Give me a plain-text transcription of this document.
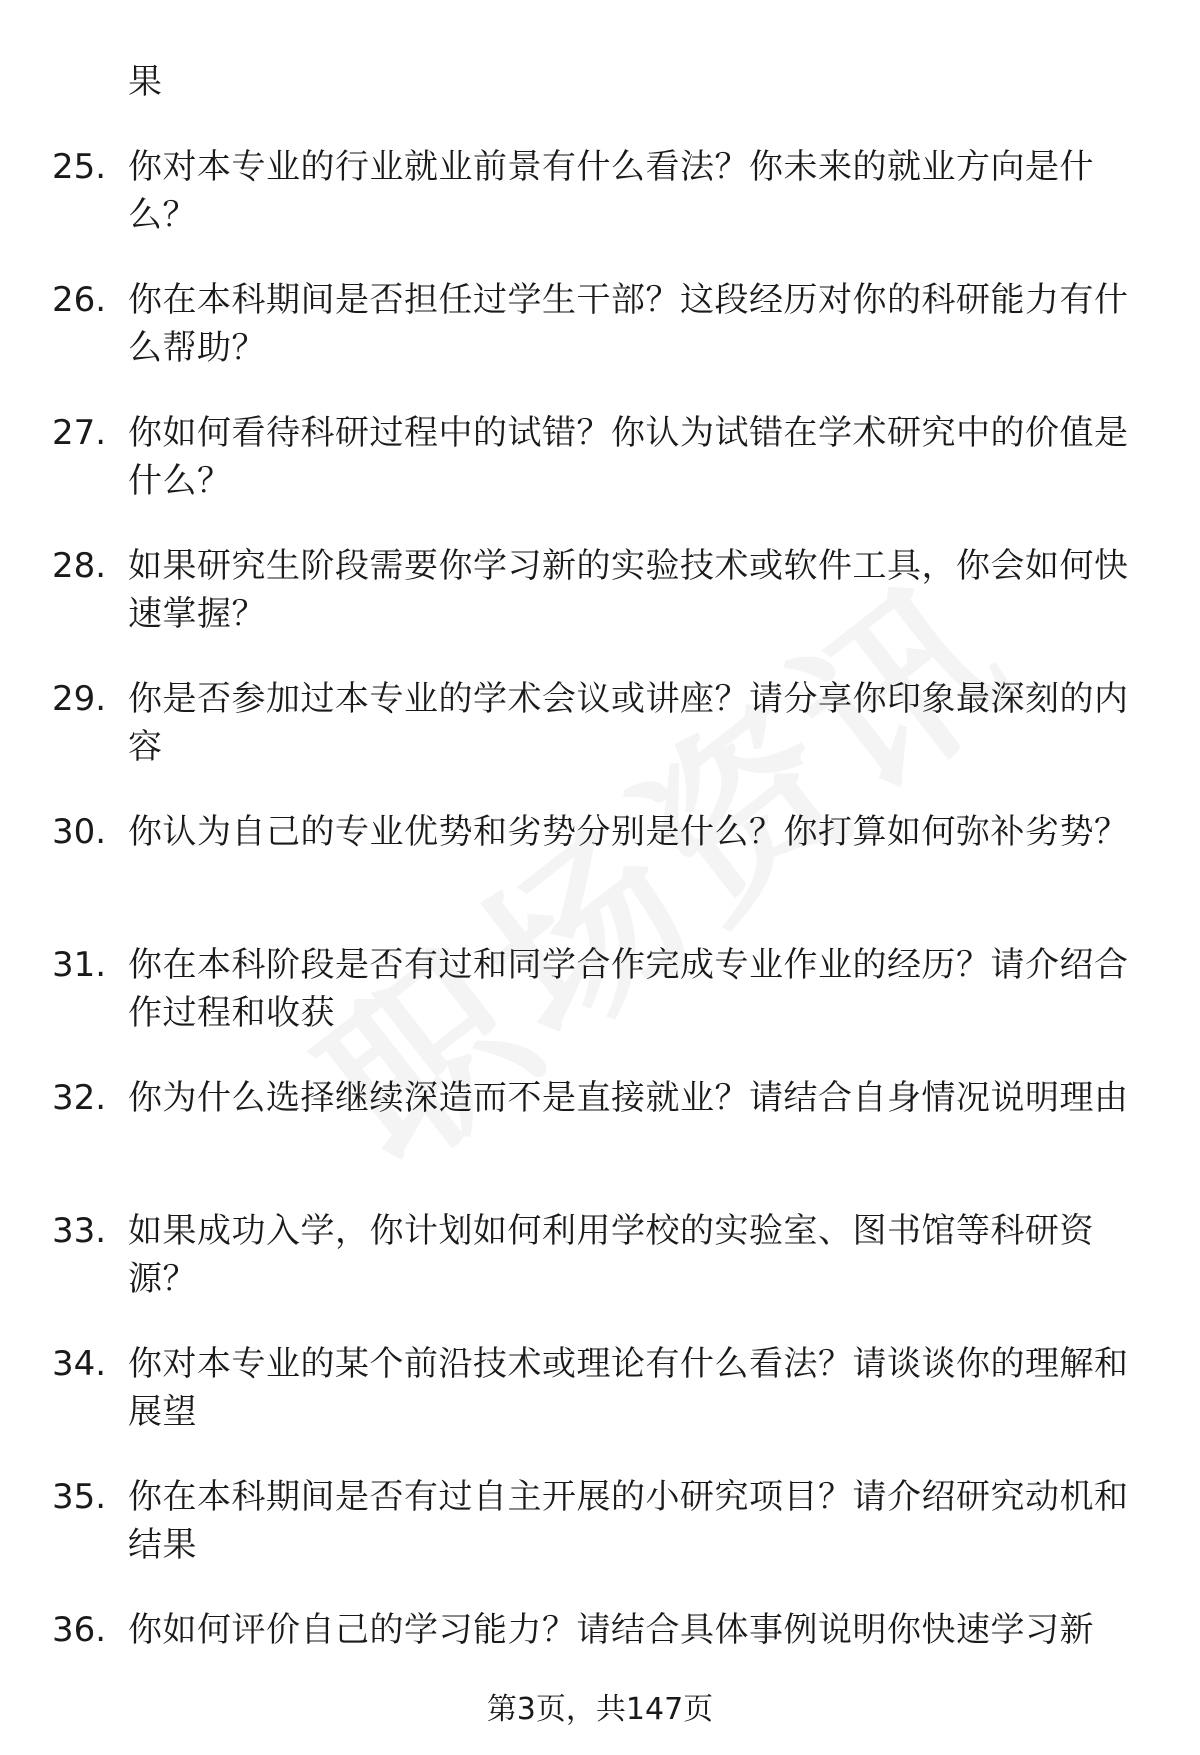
果
25. 你对本专业的行业就业前景有什么看法？你未来的就业方向是什么？
26. 你在本科期间是否担任过学生干部？这段经历对你的科研能力有什么帮助？
27. 你如何看待科研过程中的试错？你认为试错在学术研究中的价值是什么？
28. 如果研究生阶段需要你学习新的实验技术或软件工具，你会如何快速掌握？
29. 你是否参加过本专业的学术会议或讲座？请分享你印象最深刻的内容
30. 你认为自己的专业优势和劣势分别是什么？你打算如何弥补劣势？
31. 你在本科阶段是否有过和同学合作完成专业作业的经历？请介绍合作过程和收获
32. 你为什么选择继续深造而不是直接就业？请结合自身情况说明理由
33. 如果成功入学，你计划如何利用学校的实验室、图书馆等科研资源？
34. 你对本专业的某个前沿技术或理论有什么看法？请谈谈你的理解和展望
35. 你在本科期间是否有过自主开展的小研究项目？请介绍研究动机和结果
36. 你如何评价自己的学习能力？请结合具体事例说明你快速学习新
第3页，共147页
